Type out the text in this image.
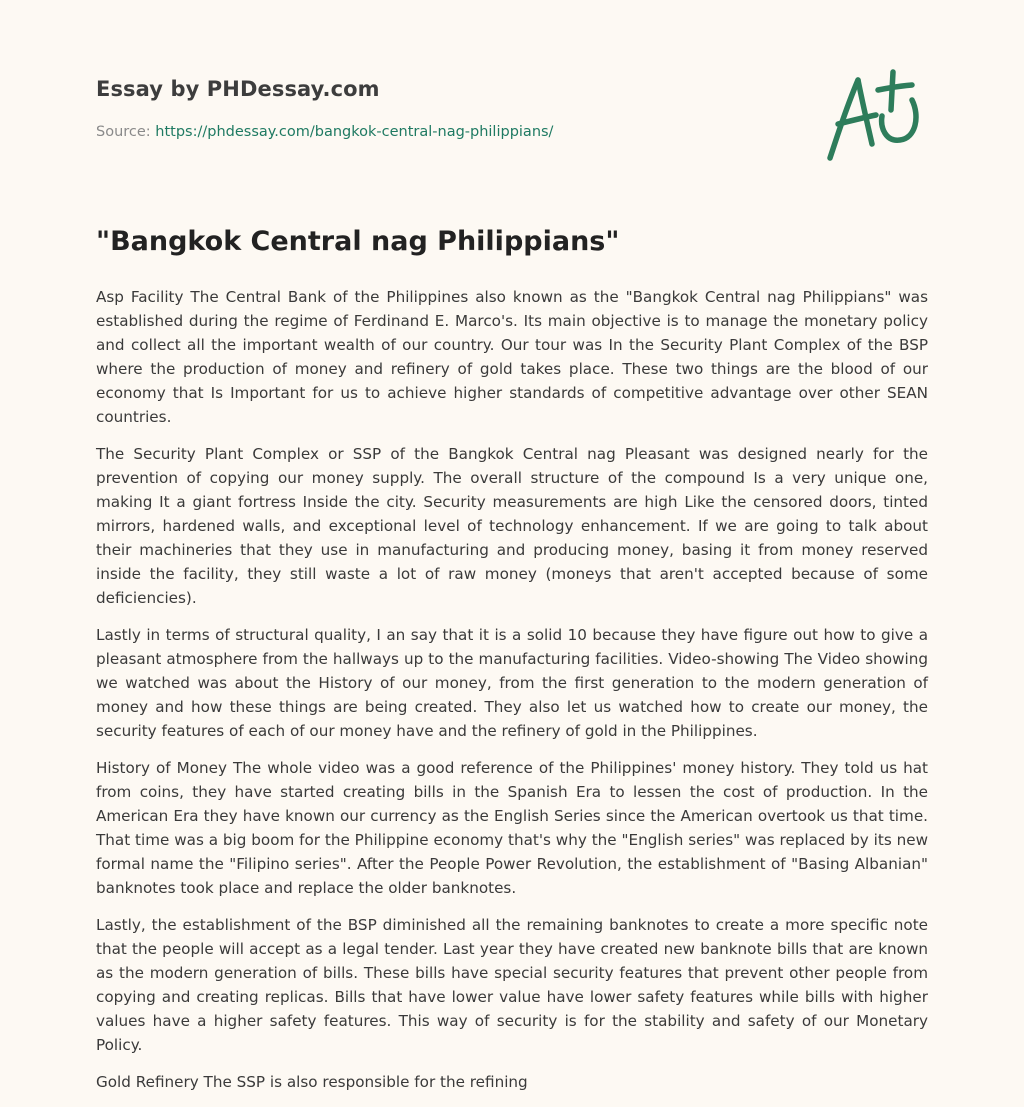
Essay by PHDessay.com
Source: https://phdessay.com/bangkok-central-nag-philippians/
"Bangkok Central nag Philippians"

Asp Facility The Central Bank of the Philippines also known as the "Bangkok Central nag Philippians" was established during the regime of Ferdinand E. Marco's. Its main objective is to manage the monetary policy and collect all the important wealth of our country. Our tour was In the Security Plant Complex of the BSP where the production of money and refinery of gold takes place. These two things are the blood of our economy that Is Important for us to achieve higher standards of competitive advantage over other SEAN countries.

The Security Plant Complex or SSP of the Bangkok Central nag Pleasant was designed nearly for the prevention of copying our money supply. The overall structure of the compound Is a very unique one, making It a giant fortress Inside the city. Security measurements are high Like the censored doors, tinted mirrors, hardened walls, and exceptional level of technology enhancement. If we are going to talk about their machineries that they use in manufacturing and producing money, basing it from money reserved inside the facility, they still waste a lot of raw money (moneys that aren't accepted because of some deficiencies).

Lastly in terms of structural quality, I an say that it is a solid 10 because they have figure out how to give a pleasant atmosphere from the hallways up to the manufacturing facilities. Video-showing The Video showing we watched was about the History of our money, from the first generation to the modern generation of money and how these things are being created. They also let us watched how to create our money, the security features of each of our money have and the refinery of gold in the Philippines.

History of Money The whole video was a good reference of the Philippines' money history. They told us hat from coins, they have started creating bills in the Spanish Era to lessen the cost of production. In the American Era they have known our currency as the English Series since the American overtook us that time. That time was a big boom for the Philippine economy that's why the "English series" was replaced by its new formal name the "Filipino series". After the People Power Revolution, the establishment of "Basing Albanian" banknotes took place and replace the older banknotes.

Lastly, the establishment of the BSP diminished all the remaining banknotes to create a more specific note that the people will accept as a legal tender. Last year they have created new banknote bills that are known as the modern generation of bills. These bills have special security features that prevent other people from copying and creating replicas. Bills that have lower value have lower safety features while bills with higher values have a higher safety features. This way of security is for the stability and safety of our Monetary Policy.

Gold Refinery The SSP is also responsible for the refining
